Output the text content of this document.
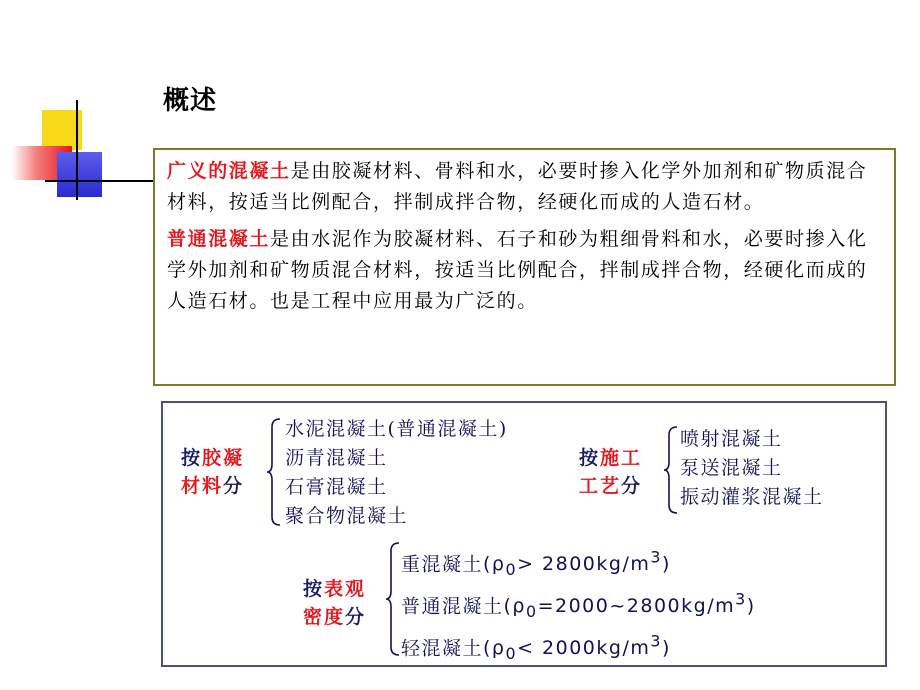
概述

广义的混凝土是由胶凝材料、骨料和水，必要时掺入化学外加剂和矿物质混合材料，按适当比例配合，拌制成拌合物，经硬化而成的人造石材。

普通混凝土是由水泥作为胶凝材料、石子和砂为粗细骨料和水，必要时掺入化学外加剂和矿物质混合材料，按适当比例配合，拌制成拌合物，经硬化而成的人造石材。也是工程中应用最为广泛的。

按胶凝
材料分
水泥混凝土(普通混凝土)
沥青混凝土
石膏混凝土
聚合物混凝土
按施工
工艺分
喷射混凝土
泵送混凝土
振动灌浆混凝土
按表观
密度分
重混凝土$(\rho_0> 2800kg/m^3)$
普通混凝土$(\rho_0=2000\sim 2800kg/m^3)$
轻混凝土$(\rho_0< 2000kg/m^3)$
